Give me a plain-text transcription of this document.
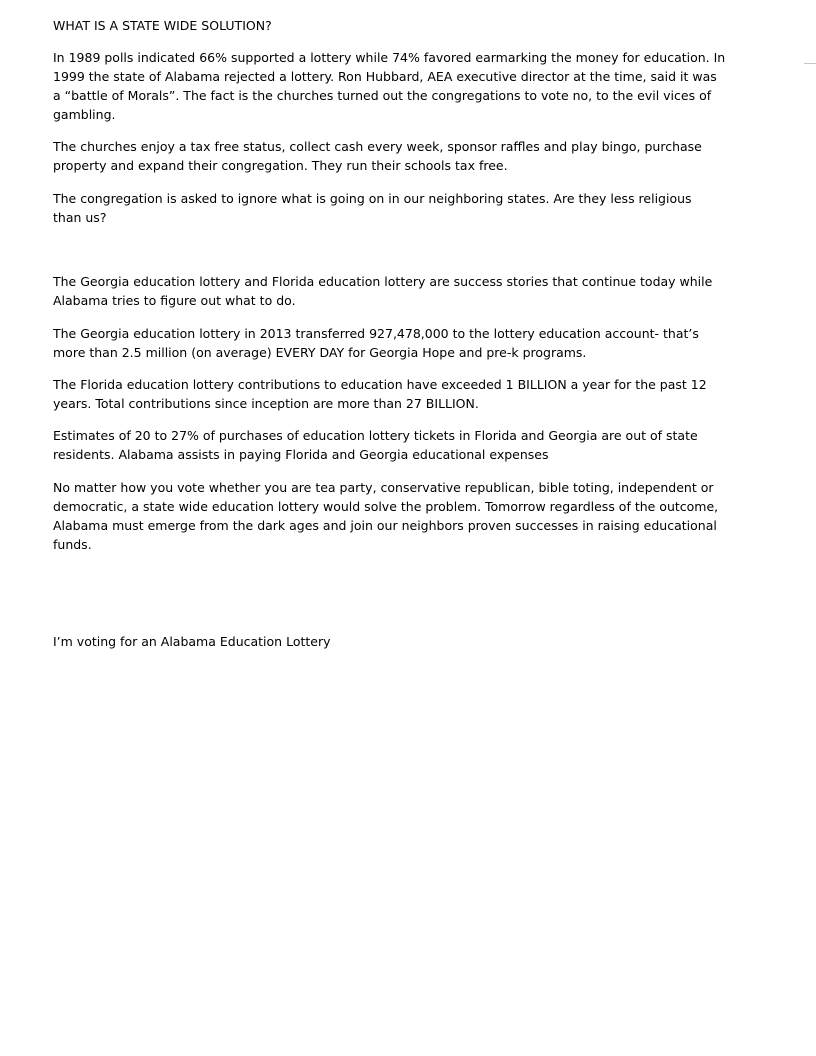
WHAT IS A STATE WIDE SOLUTION?

In 1989 polls indicated 66% supported a lottery while 74% favored earmarking the money for education. In
1999 the state of Alabama rejected a lottery. Ron Hubbard, AEA executive director at the time, said it was
a “battle of Morals”. The fact is the churches turned out the congregations to vote no, to the evil vices of
gambling.

The churches enjoy a tax free status, collect cash every week, sponsor raffles and play bingo, purchase
property and expand their congregation. They run their schools tax free.

The congregation is asked to ignore what is going on in our neighboring states. Are they less religious
than us?

The Georgia education lottery and Florida education lottery are success stories that continue today while
Alabama tries to figure out what to do.

The Georgia education lottery in 2013 transferred 927,478,000 to the lottery education account- that’s
more than 2.5 million (on average) EVERY DAY for Georgia Hope and pre-k programs.

The Florida education lottery contributions to education have exceeded 1 BILLION a year for the past 12
years. Total contributions since inception are more than 27 BILLION.

Estimates of 20 to 27% of purchases of education lottery tickets in Florida and Georgia are out of state
residents. Alabama assists in paying Florida and Georgia educational expenses

No matter how you vote whether you are tea party, conservative republican, bible toting, independent or
democratic, a state wide education lottery would solve the problem. Tomorrow regardless of the outcome,
Alabama must emerge from the dark ages and join our neighbors proven successes in raising educational
funds.

I’m voting for an Alabama Education Lottery
